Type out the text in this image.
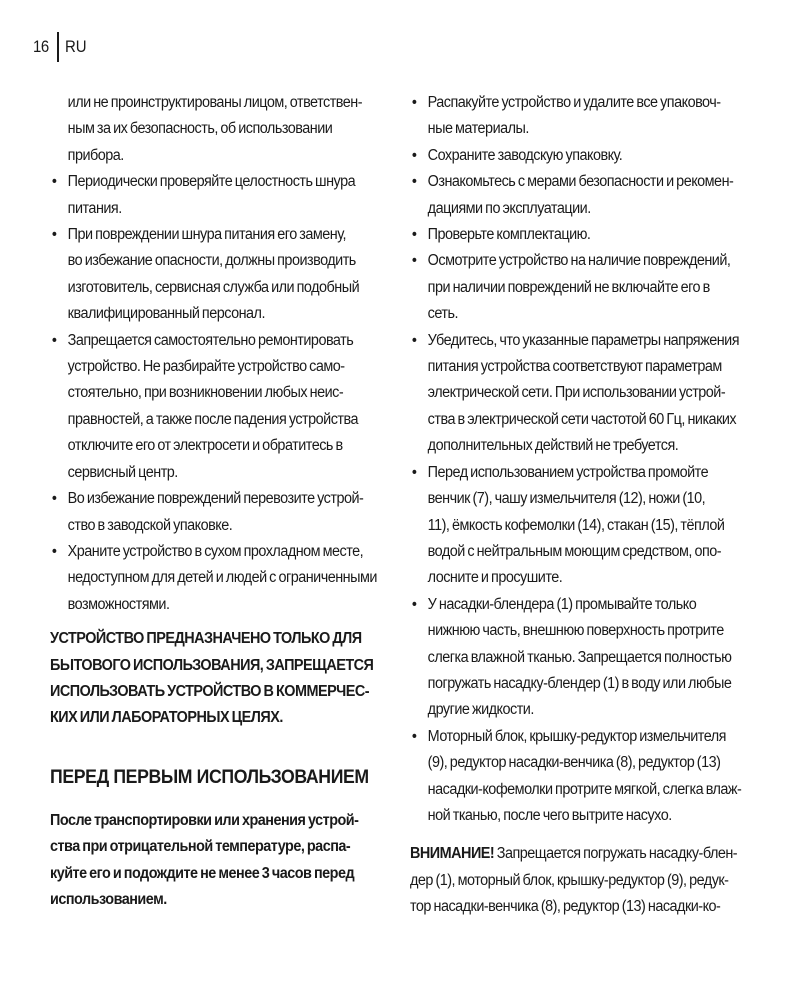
16 RU
или не проинструктированы лицом, ответствен-
ным за их безопасность, об использовании
прибора.
• Периодически проверяйте целостность шнура
питания.
• При повреждении шнура питания его замену,
во избежание опасности, должны производить
изготовитель, сервисная служба или подобный
квалифицированный персонал.
• Запрещается самостоятельно ремонтировать
устройство. Не разбирайте устройство само-
стоятельно, при возникновении любых неис-
правностей, а также после падения устройства
отключите его от электросети и обратитесь в
сервисный центр.
• Во избежание повреждений перевозите устрой-
ство в заводской упаковке.
• Храните устройство в сухом прохладном месте,
недоступном для детей и людей с ограниченными
возможностями.
УСТРОЙСТВО ПРЕДНАЗНАЧЕНО ТОЛЬКО ДЛЯ
БЫТОВОГО ИСПОЛЬЗОВАНИЯ, ЗАПРЕЩАЕТСЯ
ИСПОЛЬЗОВАТЬ УСТРОЙСТВО В КОММЕРЧЕС-
КИХ ИЛИ ЛАБОРАТОРНЫХ ЦЕЛЯХ.
ПЕРЕД ПЕРВЫМ ИСПОЛЬЗОВАНИЕМ
После транспортировки или хранения устрой-
ства при отрицательной температуре, распа-
куйте его и подождите не менее 3 часов перед
использованием.
• Распакуйте устройство и удалите все упаковоч-
ные материалы.
• Сохраните заводскую упаковку.
• Ознакомьтесь с мерами безопасности и рекомен-
дациями по эксплуатации.
• Проверьте комплектацию.
• Осмотрите устройство на наличие повреждений,
при наличии повреждений не включайте его в
сеть.
• Убедитесь, что указанные параметры напряжения
питания устройства соответствуют параметрам
электрической сети. При использовании устрой-
ства в электрической сети частотой 60 Гц, никаких
дополнительных действий не требуется.
• Перед использованием устройства промойте
венчик (7), чашу измельчителя (12), ножи (10,
11), ёмкость кофемолки (14), стакан (15), тёплой
водой с нейтральным моющим средством, опо-
лосните и просушите.
• У насадки-блендера (1) промывайте только
нижнюю часть, внешнюю поверхность протрите
слегка влажной тканью. Запрещается полностью
погружать насадку-блендер (1) в воду или любые
другие жидкости.
• Моторный блок, крышку-редуктор измельчителя
(9), редуктор насадки-венчика (8), редуктор (13)
насадки-кофемолки протрите мягкой, слегка влаж-
ной тканью, после чего вытрите насухо.
ВНИМАНИЕ! Запрещается погружать насадку-блен-
дер (1), моторный блок, крышку-редуктор (9), редук-
тор насадки-венчика (8), редуктор (13) насадки-ко-
